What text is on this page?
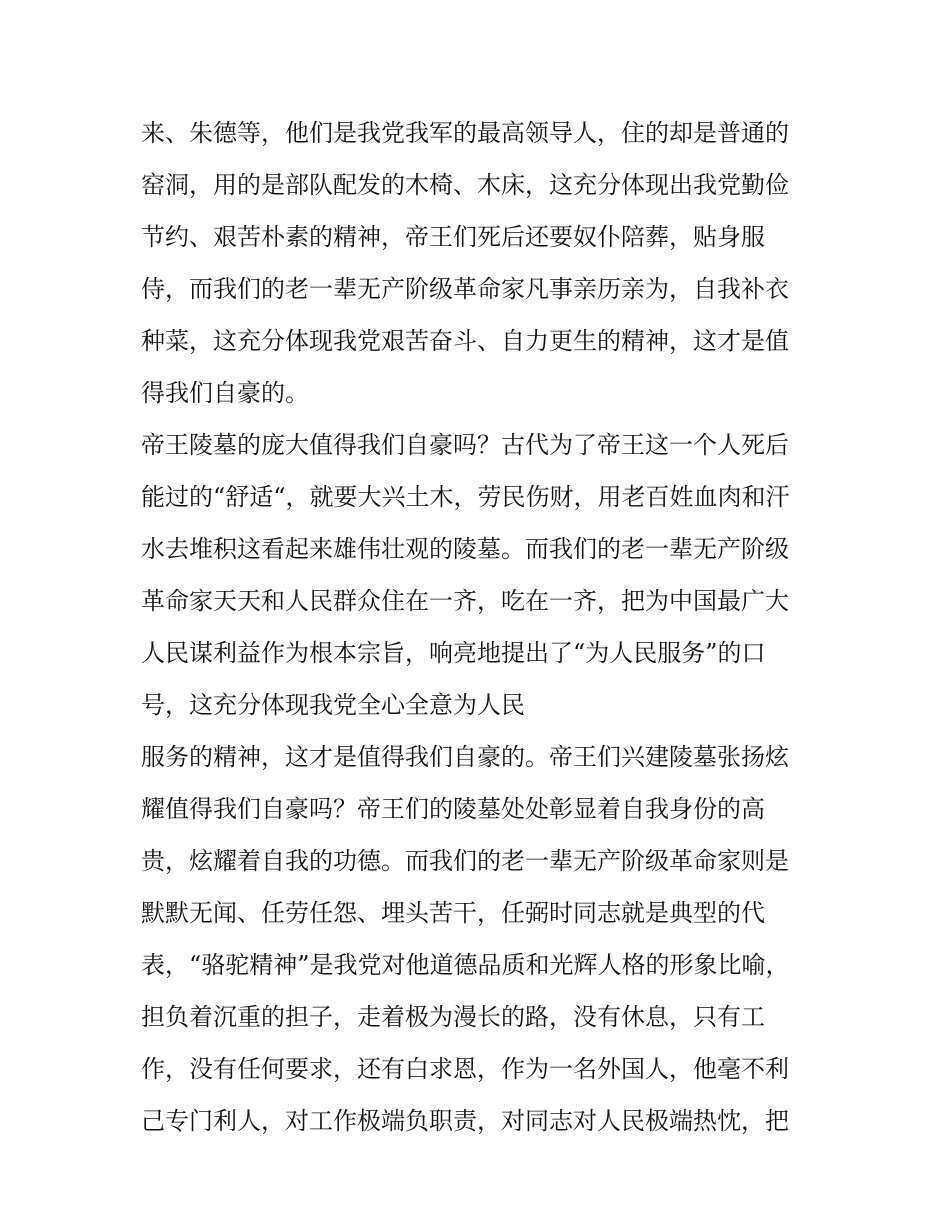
来、朱德等，他们是我党我军的最高领导人，住的却是普通的
窑洞，用的是部队配发的木椅、木床，这充分体现出我党勤俭
节约、艰苦朴素的精神，帝王们死后还要奴仆陪葬，贴身服
侍，而我们的老一辈无产阶级革命家凡事亲历亲为，自我补衣
种菜，这充分体现我党艰苦奋斗、自力更生的精神，这才是值
得我们自豪的。
帝王陵墓的庞大值得我们自豪吗？古代为了帝王这一个人死后
能过的“舒适“，就要大兴土木，劳民伤财，用老百姓血肉和汗
水去堆积这看起来雄伟壮观的陵墓。而我们的老一辈无产阶级
革命家天天和人民群众住在一齐，吃在一齐，把为中国最广大
人民谋利益作为根本宗旨，响亮地提出了“为人民服务”的口
号，这充分体现我党全心全意为人民
服务的精神，这才是值得我们自豪的。帝王们兴建陵墓张扬炫
耀值得我们自豪吗？帝王们的陵墓处处彰显着自我身份的高
贵，炫耀着自我的功德。而我们的老一辈无产阶级革命家则是
默默无闻、任劳任怨、埋头苦干，任弼时同志就是典型的代
表，“骆驼精神”是我党对他道德品质和光辉人格的形象比喻，
担负着沉重的担子，走着极为漫长的路，没有休息，只有工
作，没有任何要求，还有白求恩，作为一名外国人，他毫不利
己专门利人，对工作极端负职责，对同志对人民极端热忱，把
